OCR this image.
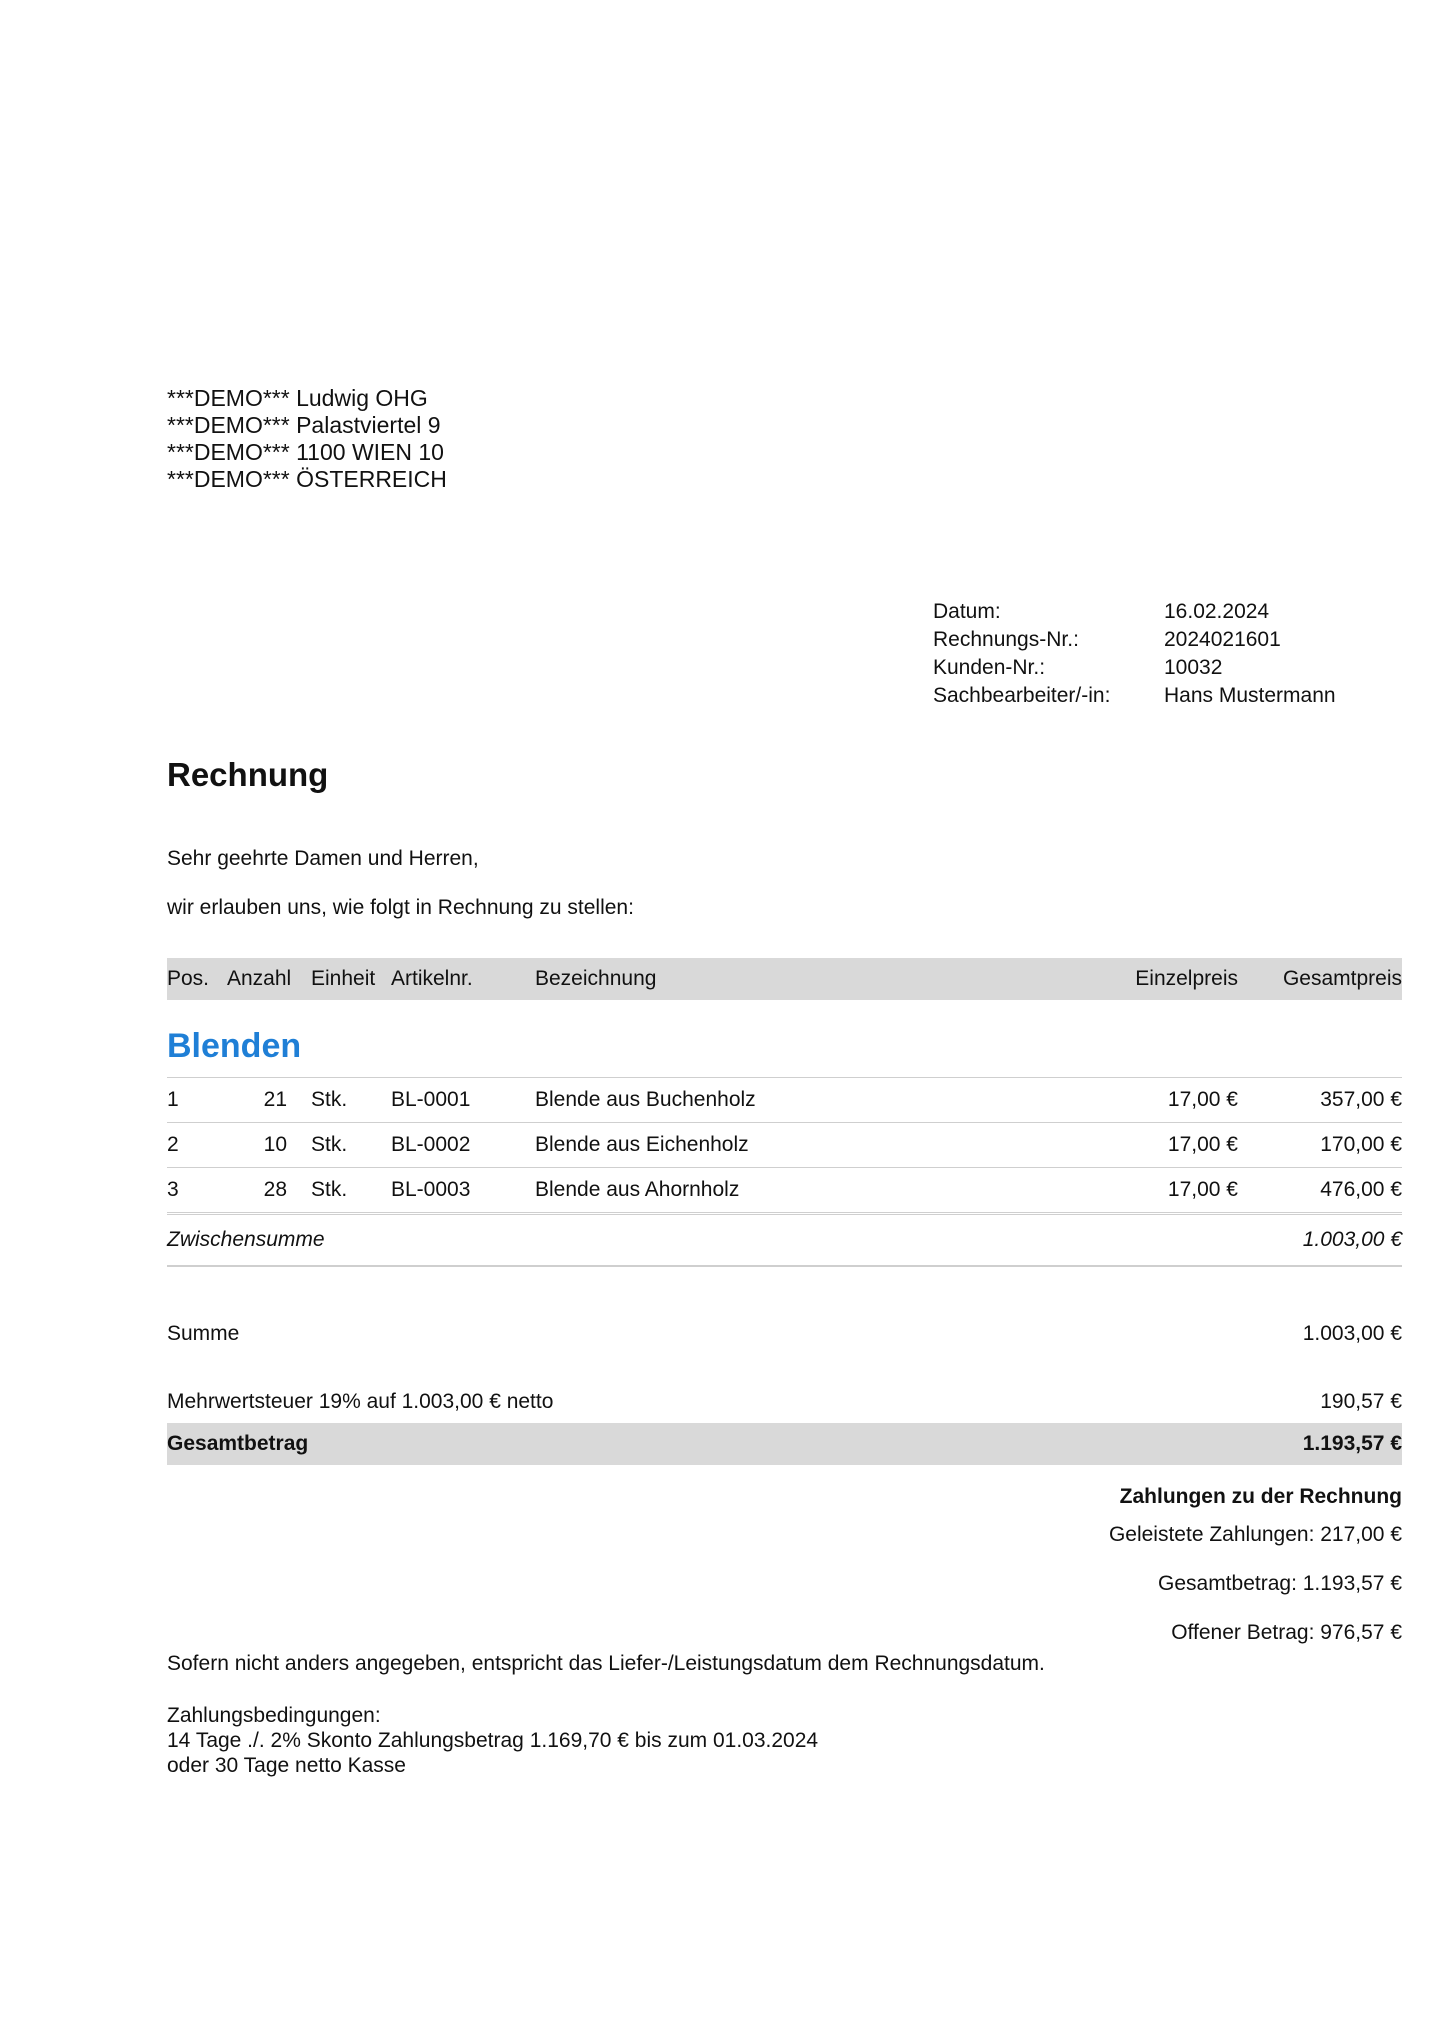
***DEMO*** Ludwig OHG
***DEMO*** Palastviertel 9
***DEMO*** 1100 WIEN 10
***DEMO*** ÖSTERREICH
Datum:	16.02.2024
Rechnungs-Nr.:	2024021601
Kunden-Nr.:	10032
Sachbearbeiter/-in:	Hans Mustermann
Rechnung
Sehr geehrte Damen und Herren,
wir erlauben uns, wie folgt in Rechnung zu stellen:
Pos. Anzahl Einheit Artikelnr.	Bezeichnung	Einzelpreis Gesamtpreis
Blenden
1	21 Stk. BL-0001	Blende aus Buchenholz	17,00 €	357,00 €
2	10 Stk. BL-0002	Blende aus Eichenholz	17,00 €	170,00 €
3	28 Stk. BL-0003	Blende aus Ahornholz	17,00 €	476,00 €
Zwischensumme	1.003,00 €
Summe	1.003,00 €
Mehrwertsteuer 19% auf 1.003,00 € netto	190,57 €
Gesamtbetrag	1.193,57 €
Zahlungen zu der Rechnung
Geleistete Zahlungen: 217,00 €
Gesamtbetrag: 1.193,57 €
Offener Betrag: 976,57 €
Sofern nicht anders angegeben, entspricht das Liefer-/Leistungsdatum dem Rechnungsdatum.
Zahlungsbedingungen:
14 Tage ./. 2% Skonto Zahlungsbetrag 1.169,70 € bis zum 01.03.2024
oder 30 Tage netto Kasse
